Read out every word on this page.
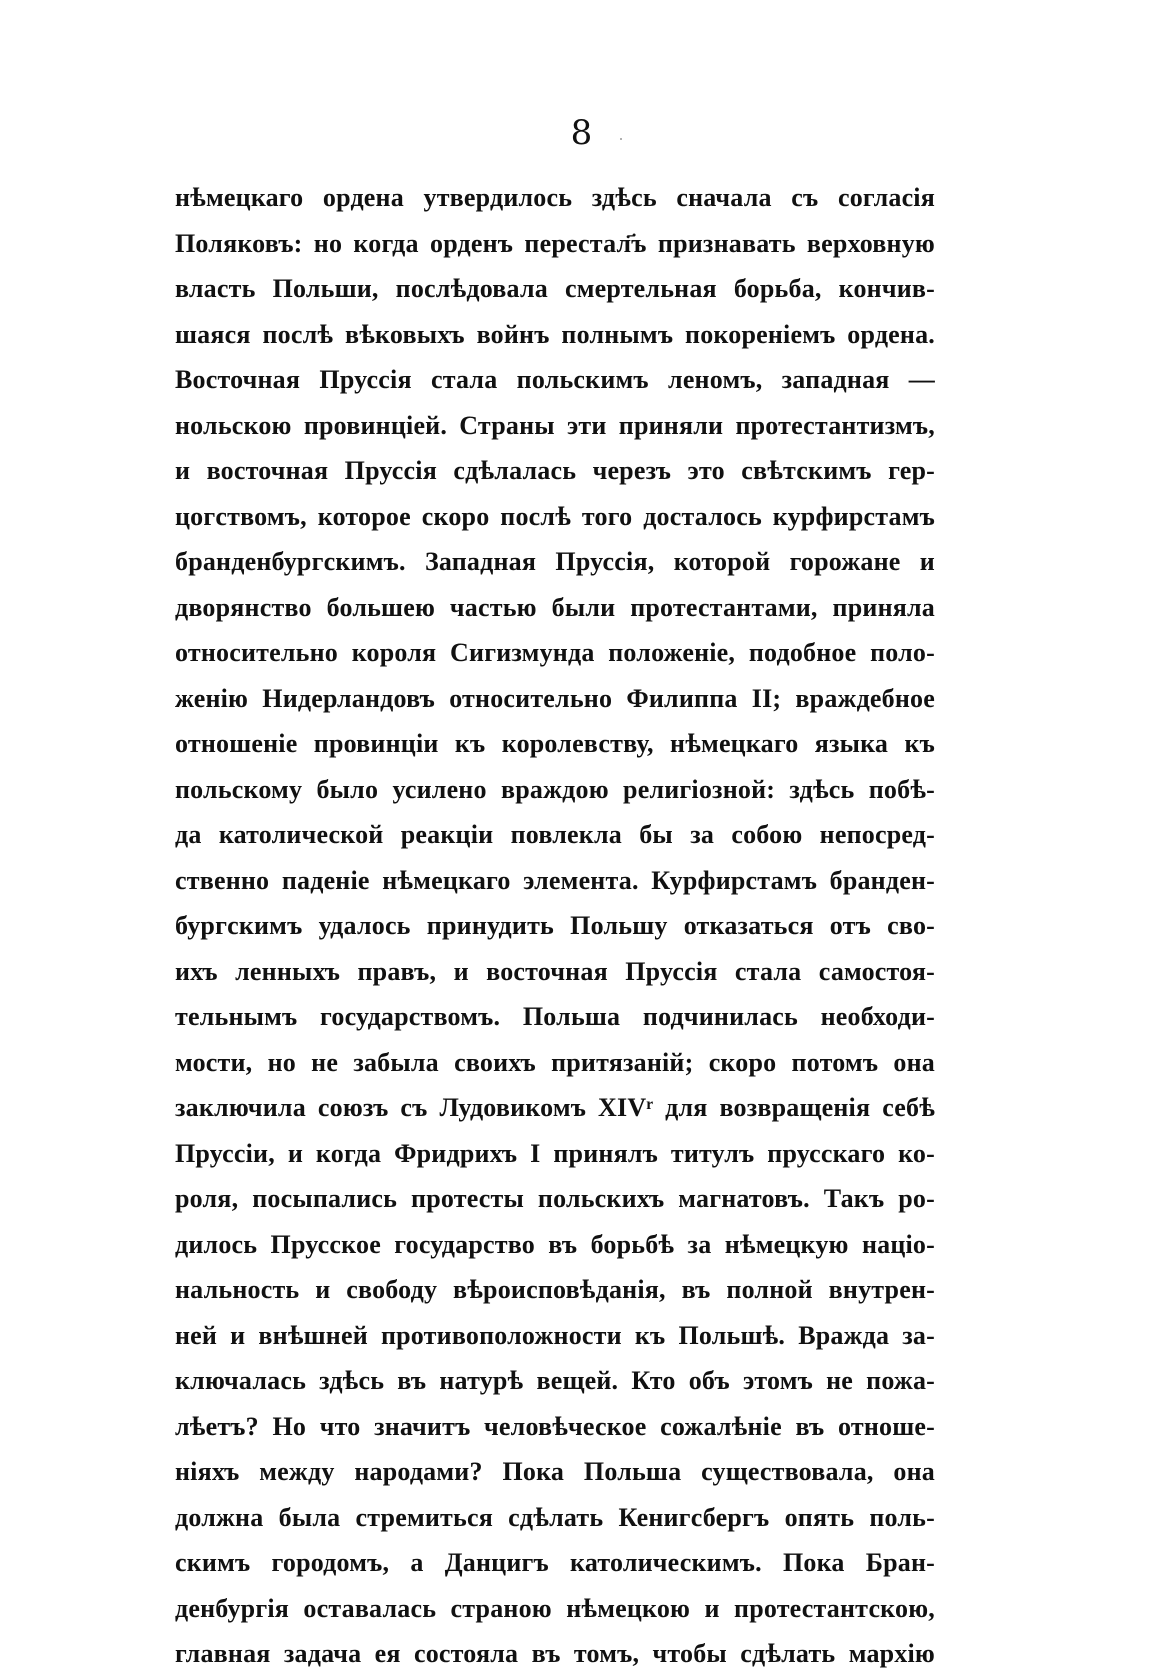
8
нѣмецкаго ордена утвердилось здѣсь сначала съ согласія
Поляковъ: но когда орденъ перестал҃ъ признавать верховную
власть Польши, послѣдовала смертельная борьба, кончив-
шаяся послѣ вѣковыхъ войнъ полнымъ покореніемъ ордена.
Восточная Пруссія стала польскимъ леномъ, западная —
нольскою провинціей. Страны эти приняли протестантизмъ,
и восточная Пруссія сдѣлалась черезъ это свѣтскимъ гер-
цогствомъ, которое скоро послѣ того досталось курфирстамъ
бранденбургскимъ. Западная Пруссія, которой горожане и
дворянство большею частью были протестантами, приняла
относительно короля Сигизмунда положеніе, подобное поло-
женію Нидерландовъ относительно Филиппа II; враждебное
отношеніе провинціи къ королевству, нѣмецкаго языка къ
польскому было усилено враждою религіозной: здѣсь побѣ-
да католической реакціи повлекла бы за собою непосред-
ственно паденіе нѣмецкаго элемента. Курфирстамъ бранден-
бургскимъ удалось принудить Польшу отказаться отъ сво-
ихъ ленныхъ правъ, и восточная Пруссія стала самостоя-
тельнымъ государствомъ. Польша подчинилась необходи-
мости, но не забыла своихъ притязаній; скоро потомъ она
заключила союзъ съ Лудовикомъ XIVʳ для возвращенія себѣ
Пруссіи, и когда Фридрихъ I принялъ титулъ прусскаго ко-
роля, посыпались протесты польскихъ магнатовъ. Такъ ро-
дилось Прусское государство въ борьбѣ за нѣмецкую націо-
нальность и свободу вѣроисповѣданія, въ полной внутрен-
ней и внѣшней противоположности къ Польшѣ. Вражда за-
ключалась здѣсь въ натурѣ вещей. Кто объ этомъ не пожа-
лѣетъ? Но что значитъ человѣческое сожалѣніе въ отноше-
ніяхъ между народами? Пока Польша существовала, она
должна была стремиться сдѣлать Кенигсбергъ опять поль-
скимъ городомъ, а Данцигъ католическимъ. Пока Бран-
денбургія оставалась страною нѣмецкою и протестантскою,
главная задача ея состояла въ томъ, чтобы сдѣлать мархію
